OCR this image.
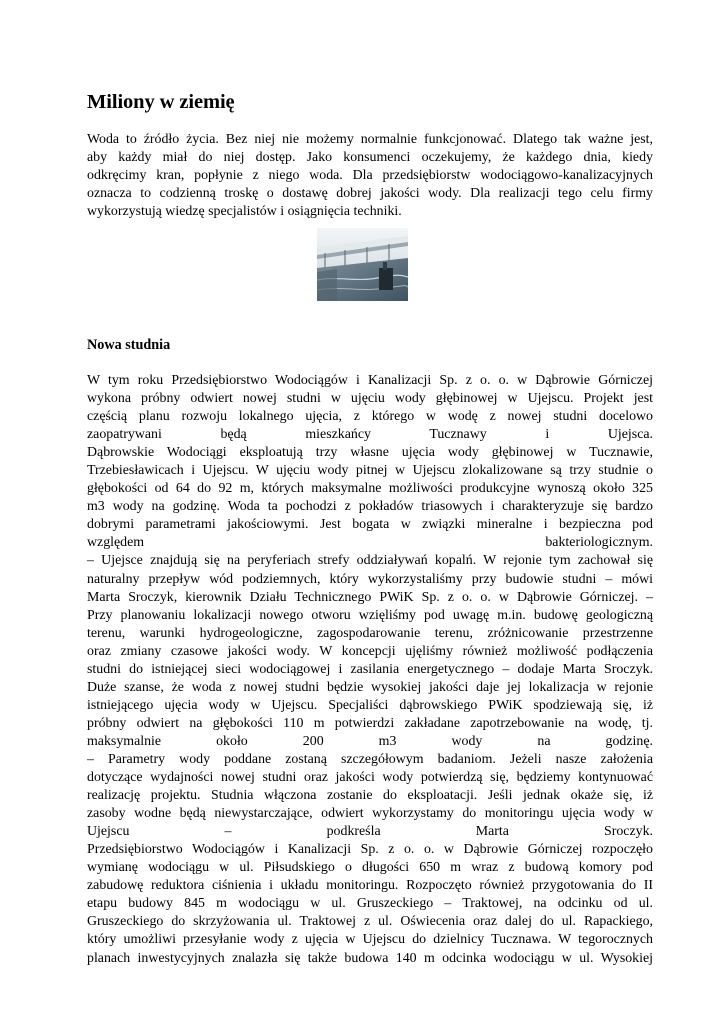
Miliony w ziemię
Woda to źródło życia. Bez niej nie możemy normalnie funkcjonować. Dlatego tak ważne jest,
aby każdy miał do niej dostęp. Jako konsumenci oczekujemy, że każdego dnia, kiedy
odkręcimy kran, popłynie z niego woda. Dla przedsiębiorstw wodociągowo-kanalizacyjnych
oznacza to codzienną troskę o dostawę dobrej jakości wody. Dla realizacji tego celu firmy
wykorzystują wiedzę specjalistów i osiągnięcia techniki.
Nowa studnia
W tym roku Przedsiębiorstwo Wodociągów i Kanalizacji Sp. z o. o. w Dąbrowie Górniczej
wykona próbny odwiert nowej studni w ujęciu wody głębinowej w Ujejscu. Projekt jest
częścią planu rozwoju lokalnego ujęcia, z którego w wodę z nowej studni docelowo
zaopatrywani będą mieszkańcy Tucznawy i Ujejsca.
Dąbrowskie Wodociągi eksploatują trzy własne ujęcia wody głębinowej w Tucznawie,
Trzebiesławicach i Ujejscu. W ujęciu wody pitnej w Ujejscu zlokalizowane są trzy studnie o
głębokości od 64 do 92 m, których maksymalne możliwości produkcyjne wynoszą około 325
m3 wody na godzinę. Woda ta pochodzi z pokładów triasowych i charakteryzuje się bardzo
dobrymi parametrami jakościowymi. Jest bogata w związki mineralne i bezpieczna pod
względem bakteriologicznym.
– Ujejsce znajdują się na peryferiach strefy oddziaływań kopalń. W rejonie tym zachował się
naturalny przepływ wód podziemnych, który wykorzystaliśmy przy budowie studni – mówi
Marta Sroczyk, kierownik Działu Technicznego PWiK Sp. z o. o. w Dąbrowie Górniczej. –
Przy planowaniu lokalizacji nowego otworu wzięliśmy pod uwagę m.in. budowę geologiczną
terenu, warunki hydrogeologiczne, zagospodarowanie terenu, zróżnicowanie przestrzenne
oraz zmiany czasowe jakości wody. W koncepcji ujęliśmy również możliwość podłączenia
studni do istniejącej sieci wodociągowej i zasilania energetycznego – dodaje Marta Sroczyk.
Duże szanse, że woda z nowej studni będzie wysokiej jakości daje jej lokalizacja w rejonie
istniejącego ujęcia wody w Ujejscu. Specjaliści dąbrowskiego PWiK spodziewają się, iż
próbny odwiert na głębokości 110 m potwierdzi zakładane zapotrzebowanie na wodę, tj.
maksymalnie około 200 m3 wody na godzinę.
– Parametry wody poddane zostaną szczegółowym badaniom. Jeżeli nasze założenia
dotyczące wydajności nowej studni oraz jakości wody potwierdzą się, będziemy kontynuować
realizację projektu. Studnia włączona zostanie do eksploatacji. Jeśli jednak okaże się, iż
zasoby wodne będą niewystarczające, odwiert wykorzystamy do monitoringu ujęcia wody w
Ujejscu – podkreśla Marta Sroczyk.
Przedsiębiorstwo Wodociągów i Kanalizacji Sp. z o. o. w Dąbrowie Górniczej rozpoczęło
wymianę wodociągu w ul. Piłsudskiego o długości 650 m wraz z budową komory pod
zabudowę reduktora ciśnienia i układu monitoringu. Rozpoczęto również przygotowania do II
etapu budowy 845 m wodociągu w ul. Gruszeckiego – Traktowej, na odcinku od ul.
Gruszeckiego do skrzyżowania ul. Traktowej z ul. Oświecenia oraz dalej do ul. Rapackiego,
który umożliwi przesyłanie wody z ujęcia w Ujejscu do dzielnicy Tucznawa. W tegorocznych
planach inwestycyjnych znalazła się także budowa 140 m odcinka wodociągu w ul. Wysokiej
